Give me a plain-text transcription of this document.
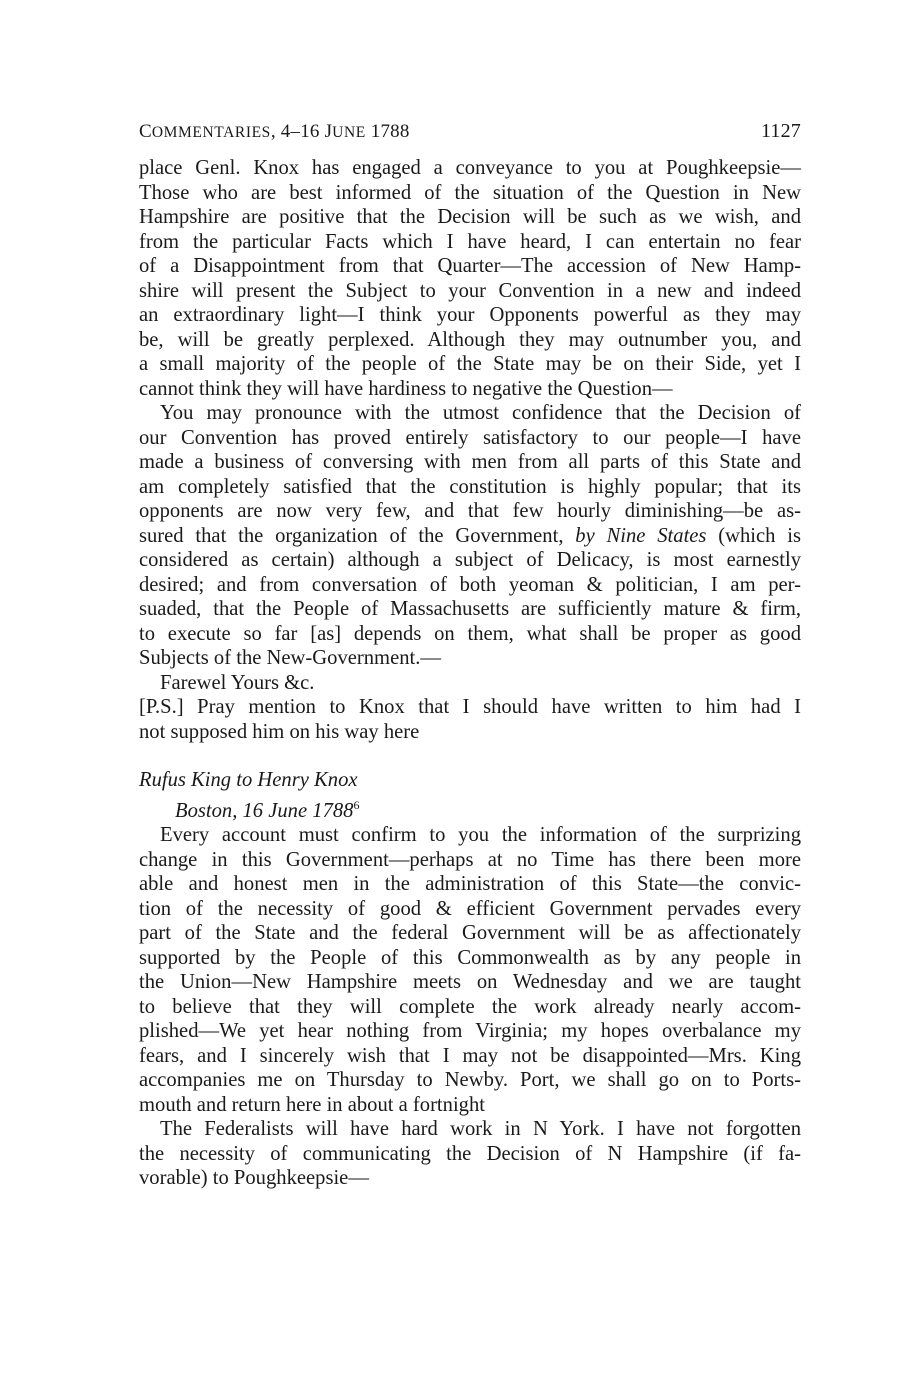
COMMENTARIES, 4–16 JUNE 1788	1127
place Genl. Knox has engaged a conveyance to you at Poughkeepsie—
Those who are best informed of the situation of the Question in New
Hampshire are positive that the Decision will be such as we wish, and
from the particular Facts which I have heard, I can entertain no fear
of a Disappointment from that Quarter—The accession of New Hamp-
shire will present the Subject to your Convention in a new and indeed
an extraordinary light—I think your Opponents powerful as they may
be, will be greatly perplexed. Although they may outnumber you, and
a small majority of the people of the State may be on their Side, yet I
cannot think they will have hardiness to negative the Question—
You may pronounce with the utmost confidence that the Decision of
our Convention has proved entirely satisfactory to our people—I have
made a business of conversing with men from all parts of this State and
am completely satisfied that the constitution is highly popular; that its
opponents are now very few, and that few hourly diminishing—be as-
sured that the organization of the Government, by Nine States (which is
considered as certain) although a subject of Delicacy, is most earnestly
desired; and from conversation of both yeoman & politician, I am per-
suaded, that the People of Massachusetts are sufficiently mature & firm,
to execute so far [as] depends on them, what shall be proper as good
Subjects of the New-Government.—
Farewel Yours &c.
[P.S.] Pray mention to Knox that I should have written to him had I
not supposed him on his way here
Rufus King to Henry Knox
Boston, 16 June 1788$^6$
Every account must confirm to you the information of the surprizing
change in this Government—perhaps at no Time has there been more
able and honest men in the administration of this State—the convic-
tion of the necessity of good & efficient Government pervades every
part of the State and the federal Government will be as affectionately
supported by the People of this Commonwealth as by any people in
the Union—New Hampshire meets on Wednesday and we are taught
to believe that they will complete the work already nearly accom-
plished—We yet hear nothing from Virginia; my hopes overbalance my
fears, and I sincerely wish that I may not be disappointed—Mrs. King
accompanies me on Thursday to Newby. Port, we shall go on to Ports-
mouth and return here in about a fortnight
The Federalists will have hard work in N York. I have not forgotten
the necessity of communicating the Decision of N Hampshire (if fa-
vorable) to Poughkeepsie—
